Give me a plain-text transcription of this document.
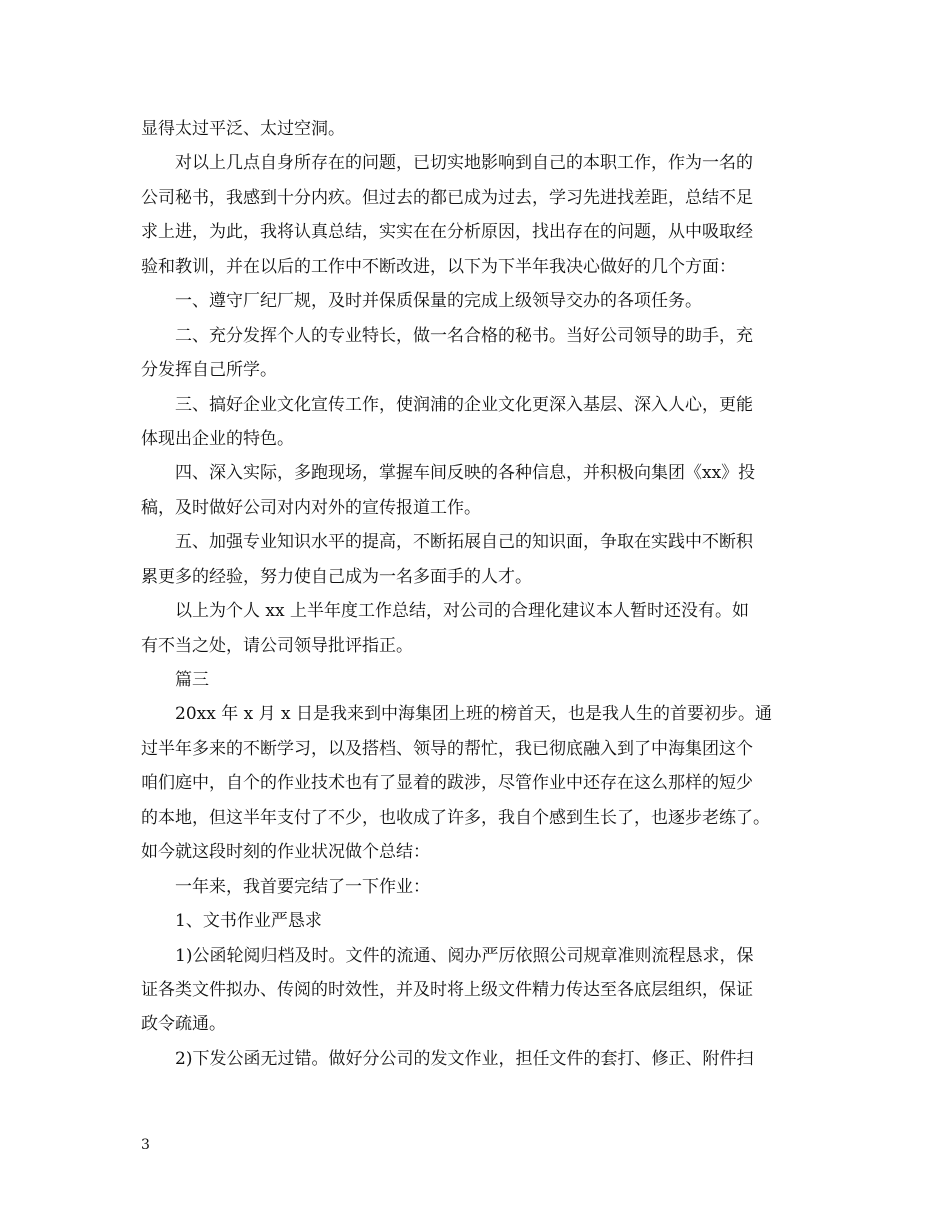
显得太过平泛、太过空洞。
对以上几点自身所存在的问题，已切实地影响到自己的本职工作，作为一名的
公司秘书，我感到十分内疚。但过去的都已成为过去，学习先进找差距，总结不足
求上进，为此，我将认真总结，实实在在分析原因，找出存在的问题，从中吸取经
验和教训，并在以后的工作中不断改进，以下为下半年我决心做好的几个方面：
一、遵守厂纪厂规，及时并保质保量的完成上级领导交办的各项任务。
二、充分发挥个人的专业特长，做一名合格的秘书。当好公司领导的助手，充
分发挥自己所学。
三、搞好企业文化宣传工作，使润浦的企业文化更深入基层、深入人心，更能
体现出企业的特色。
四、深入实际，多跑现场，掌握车间反映的各种信息，并积极向集团《xx》投
稿，及时做好公司对内对外的宣传报道工作。
五、加强专业知识水平的提高，不断拓展自己的知识面，争取在实践中不断积
累更多的经验，努力使自己成为一名多面手的人才。
以上为个人 xx 上半年度工作总结，对公司的合理化建议本人暂时还没有。如
有不当之处，请公司领导批评指正。
篇三
20xx 年 x 月 x 日是我来到中海集团上班的榜首天，也是我人生的首要初步。通
过半年多来的不断学习，以及搭档、领导的帮忙，我已彻底融入到了中海集团这个
咱们庭中，自个的作业技术也有了显着的跋涉，尽管作业中还存在这么那样的短少
的本地，但这半年支付了不少，也收成了许多，我自个感到生长了，也逐步老练了。
如今就这段时刻的作业状况做个总结：
一年来，我首要完结了一下作业：
1、文书作业严恳求
1)公函轮阅归档及时。文件的流通、阅办严厉依照公司规章准则流程恳求，保
证各类文件拟办、传阅的时效性，并及时将上级文件精力传达至各底层组织，保证
政令疏通。
2)下发公函无过错。做好分公司的发文作业，担任文件的套打、修正、附件扫
3
